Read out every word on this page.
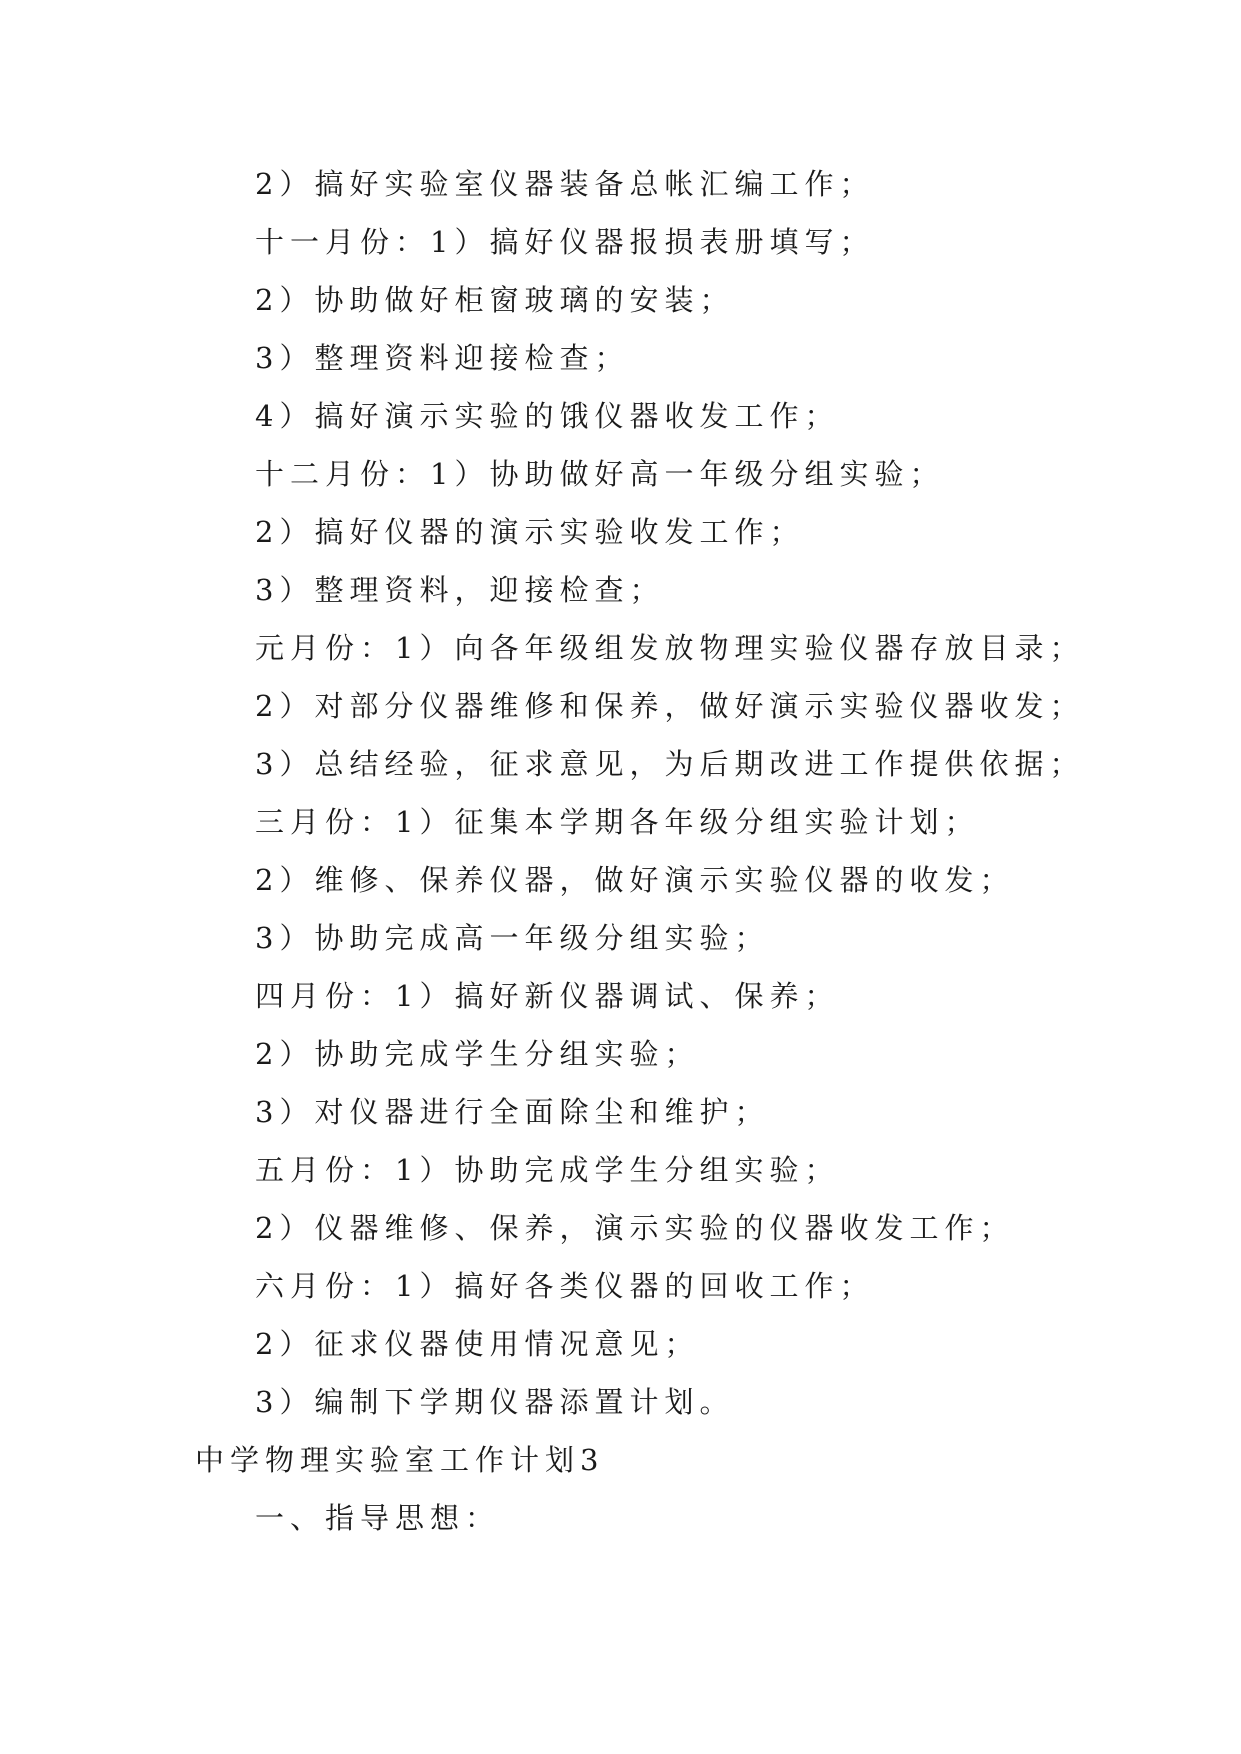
2）搞好实验室仪器装备总帐汇编工作；
十一月份：1）搞好仪器报损表册填写；
2）协助做好柜窗玻璃的安装；
3）整理资料迎接检查；
4）搞好演示实验的饿仪器收发工作；
十二月份：1）协助做好高一年级分组实验；
2）搞好仪器的演示实验收发工作；
3）整理资料，迎接检查；
元月份：1）向各年级组发放物理实验仪器存放目录；
2）对部分仪器维修和保养，做好演示实验仪器收发；
3）总结经验，征求意见，为后期改进工作提供依据；
三月份：1）征集本学期各年级分组实验计划；
2）维修、保养仪器，做好演示实验仪器的收发；
3）协助完成高一年级分组实验；
四月份：1）搞好新仪器调试、保养；
2）协助完成学生分组实验；
3）对仪器进行全面除尘和维护；
五月份：1）协助完成学生分组实验；
2）仪器维修、保养，演示实验的仪器收发工作；
六月份：1）搞好各类仪器的回收工作；
2）征求仪器使用情况意见；
3）编制下学期仪器添置计划。
中学物理实验室工作计划3
一、指导思想：
